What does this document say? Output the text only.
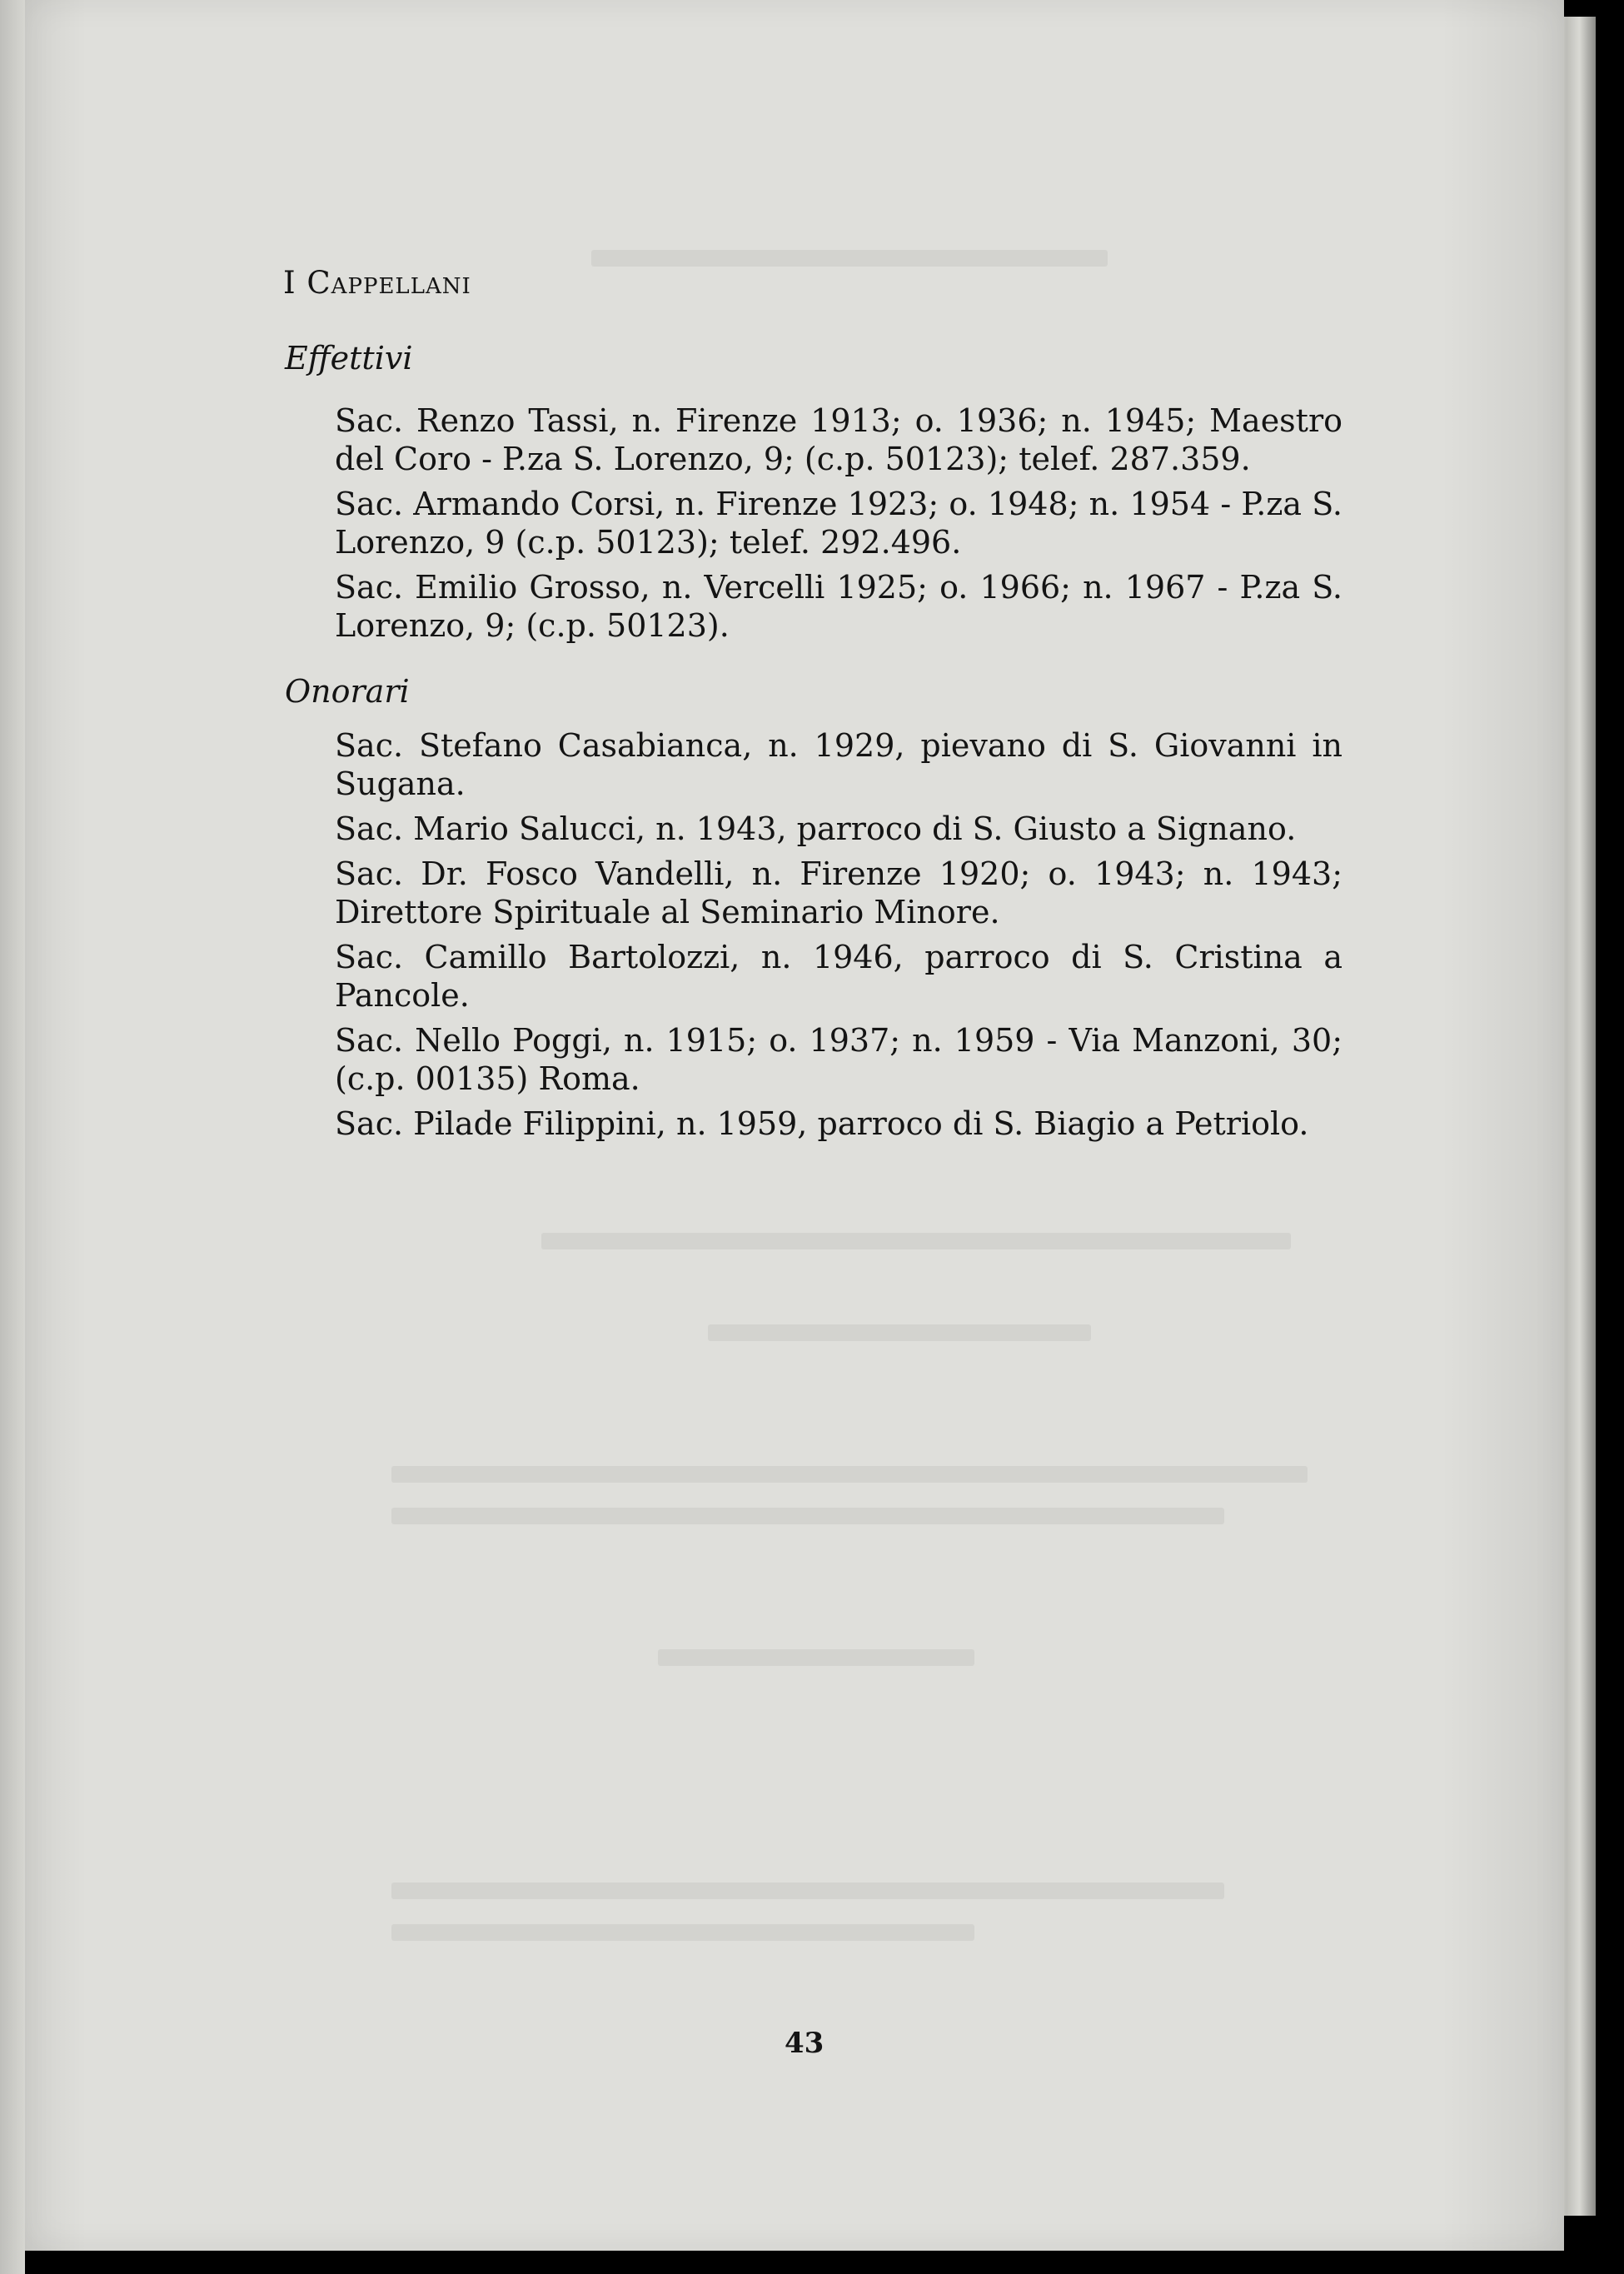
I Cappellani
Effettivi
Sac. Renzo Tassi, n. Firenze 1913; o. 1936; n. 1945; Maestro del Coro - P.za S. Lorenzo, 9; (c.p. 50123); telef. 287.359.
Sac. Armando Corsi, n. Firenze 1923; o. 1948; n. 1954 - P.za S. Lorenzo, 9 (c.p. 50123); telef. 292.496.
Sac. Emilio Grosso, n. Vercelli 1925; o. 1966; n. 1967 - P.za S. Lorenzo, 9; (c.p. 50123).
Onorari
Sac. Stefano Casabianca, n. 1929, pievano di S. Giovanni in Sugana.
Sac. Mario Salucci, n. 1943, parroco di S. Giusto a Signano.
Sac. Dr. Fosco Vandelli, n. Firenze 1920; o. 1943; n. 1943; Direttore Spirituale al Seminario Minore.
Sac. Camillo Bartolozzi, n. 1946, parroco di S. Cristina a Pancole.
Sac. Nello Poggi, n. 1915; o. 1937; n. 1959 - Via Manzoni, 30; (c.p. 00135) Roma.
Sac. Pilade Filippini, n. 1959, parroco di S. Biagio a Petriolo.

43
